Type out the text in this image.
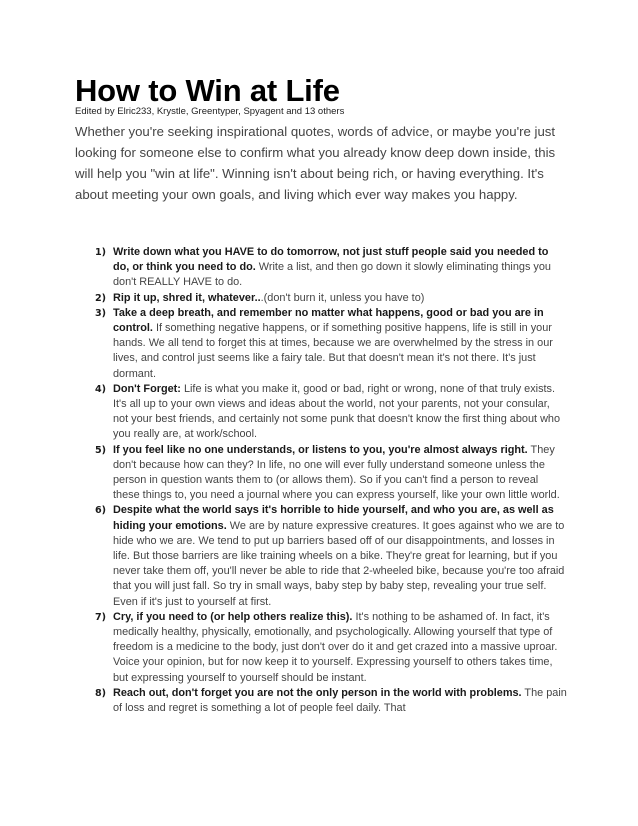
How to Win at Life

Edited by Elric233, Krystle, Greentyper, Spyagent and 13 others

Whether you're seeking inspirational quotes, words of advice, or maybe you're just looking for someone else to confirm what you already know deep down inside, this will help you "win at life". Winning isn't about being rich, or having everything. It's about meeting your own goals, and living which ever way makes you happy.

1) Write down what you HAVE to do tomorrow, not just stuff people said you needed to do, or think you need to do. Write a list, and then go down it slowly eliminating things you don't REALLY HAVE to do.
2) Rip it up, shred it, whatever...(don't burn it, unless you have to)
3) Take a deep breath, and remember no matter what happens, good or bad you are in control. If something negative happens, or if something positive happens, life is still in your hands. We all tend to forget this at times, because we are overwhelmed by the stress in our lives, and control just seems like a fairy tale. But that doesn't mean it's not there. It's just dormant.
4) Don't Forget: Life is what you make it, good or bad, right or wrong, none of that truly exists. It's all up to your own views and ideas about the world, not your parents, not your consular, not your best friends, and certainly not some punk that doesn't know the first thing about who you really are, at work/school.
5) If you feel like no one understands, or listens to you, you're almost always right. They don't because how can they? In life, no one will ever fully understand someone unless the person in question wants them to (or allows them). So if you can't find a person to reveal these things to, you need a journal where you can express yourself, like your own little world.
6) Despite what the world says it's horrible to hide yourself, and who you are, as well as hiding your emotions. We are by nature expressive creatures. It goes against who we are to hide who we are. We tend to put up barriers based off of our disappointments, and losses in life. But those barriers are like training wheels on a bike. They're great for learning, but if you never take them off, you'll never be able to ride that 2-wheeled bike, because you're too afraid that you will just fall. So try in small ways, baby step by baby step, revealing your true self. Even if it's just to yourself at first.
7) Cry, if you need to (or help others realize this). It's nothing to be ashamed of. In fact, it's medically healthy, physically, emotionally, and psychologically. Allowing yourself that type of freedom is a medicine to the body, just don't over do it and get crazed into a massive uproar. Voice your opinion, but for now keep it to yourself. Expressing yourself to others takes time, but expressing yourself to yourself should be instant.
8) Reach out, don't forget you are not the only person in the world with problems. The pain of loss and regret is something a lot of people feel daily. That
